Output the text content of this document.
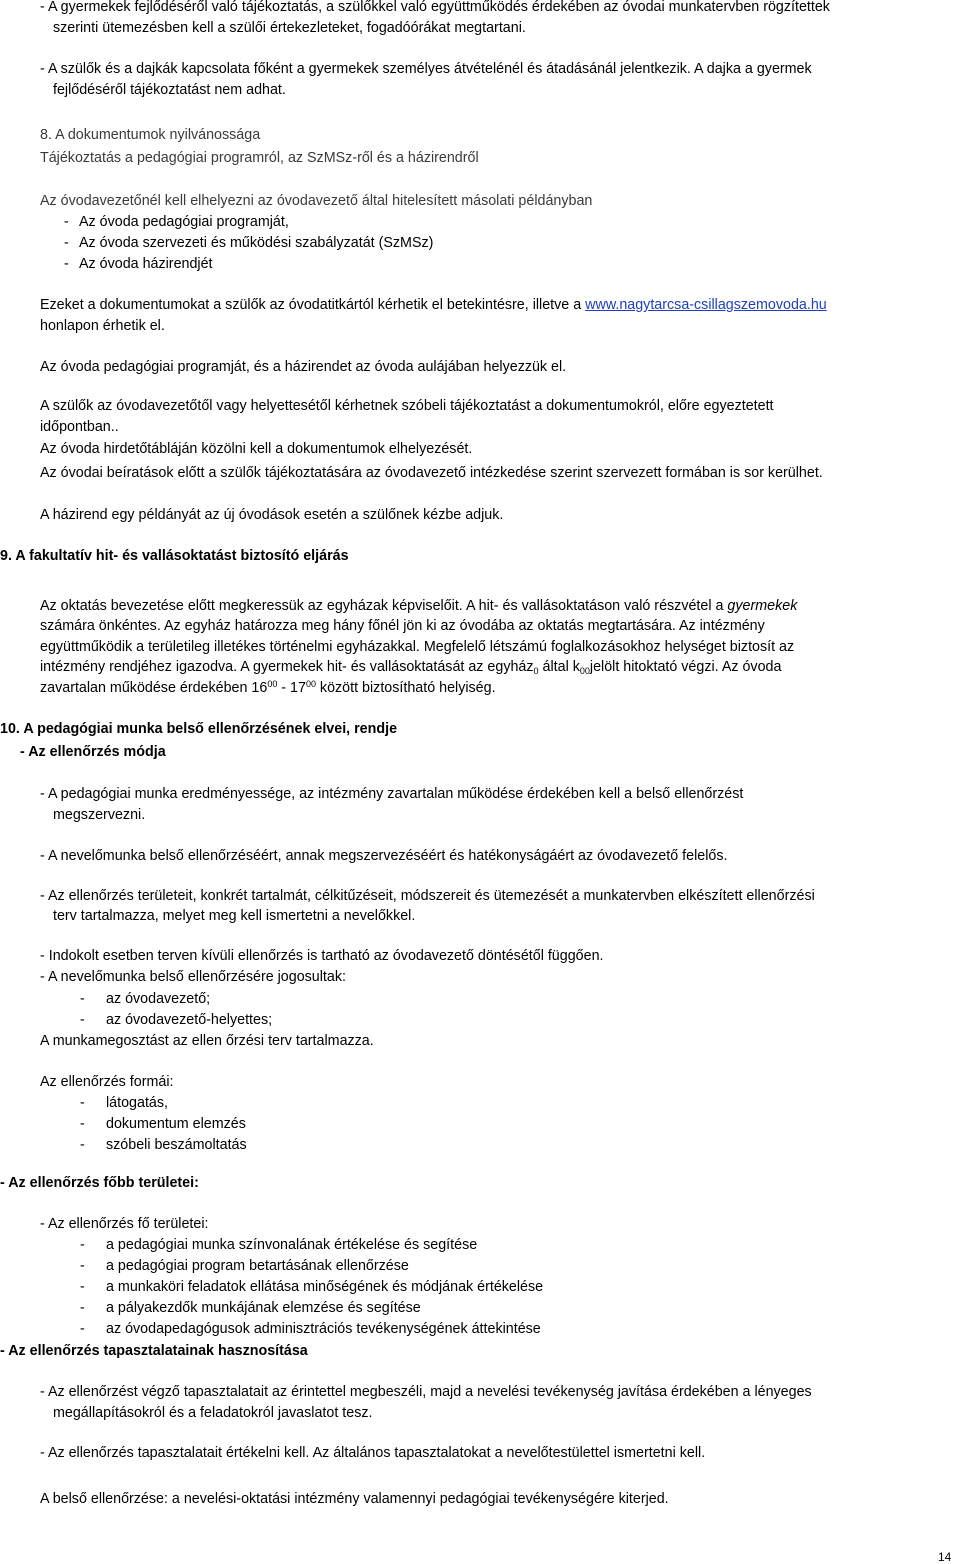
- A gyermekek fejlődéséről való tájékoztatás, a szülőkkel való együttműködés érdekében az óvodai munkatervben rögzítettek
szerinti ütemezésben kell a szülői értekezleteket, fogadóórákat megtartani.
- A szülők és a dajkák kapcsolata főként a gyermekek személyes átvételénél és átadásánál jelentkezik. A dajka a gyermek
fejlődéséről tájékoztatást nem adhat.
8. A dokumentumok nyilvánossága
Tájékoztatás a pedagógiai programról, az SzMSz-ről és a házirendről
Az óvodavezetőnél kell elhelyezni az óvodavezető által hitelesített másolati példányban
- Az óvoda pedagógiai programját,
- Az óvoda szervezeti és működési szabályzatát (SzMSz)
- Az óvoda házirendjét
Ezeket a dokumentumokat a szülők az óvodatitkártól kérhetik el betekintésre, illetve a www.nagytarcsa-csillagszemovoda.hu
honlapon érhetik el.
Az óvoda pedagógiai programját, és a házirendet az óvoda aulájában helyezzük el.
A szülők az óvodavezetőtől vagy helyettesétől kérhetnek szóbeli tájékoztatást a dokumentumokról, előre egyeztetett
időpontban..
Az óvoda hirdetőtábláján közölni kell a dokumentumok elhelyezését.
Az óvodai beíratások előtt a szülők tájékoztatására az óvodavezető intézkedése szerint szervezett formában is sor kerülhet.
A házirend egy példányát az új óvodások esetén a szülőnek kézbe adjuk.
9. A fakultatív hit- és vallásoktatást biztosító eljárás
Az oktatás bevezetése előtt megkeressük az egyházak képviselőit. A hit- és vallásoktatáson való részvétel a gyermekek
számára önkéntes. Az egyház határozza meg hány főnél jön ki az óvodába az oktatás megtartására. Az intézmény
együttműködik a területileg illetékes történelmi egyházakkal. Megfelelő létszámú foglalkozásokhoz helységet biztosít az
intézmény rendjéhez igazodva. A gyermekek hit- és vallásoktatását az egyház$_0$ által $k_{00}jelölt$ hitoktató végzi. Az óvoda
zavartalan működése érdekében $16^{00} - 17^{00}$ között biztosítható helyiség.
10. A pedagógiai munka belső ellenőrzésének elvei, rendje
- Az ellenőrzés módja
- A pedagógiai munka eredményessége, az intézmény zavartalan működése érdekében kell a belső ellenőrzést
megszervezni.
- A nevelőmunka belső ellenőrzéséért, annak megszervezéséért és hatékonyságáért az óvodavezető felelős.
- Az ellenőrzés területeit, konkrét tartalmát, célkitűzéseit, módszereit és ütemezését a munkatervben elkészített ellenőrzési
terv tartalmazza, melyet meg kell ismertetni a nevelőkkel.
- Indokolt esetben terven kívüli ellenőrzés is tartható az óvodavezető döntésétől függően.
- A nevelőmunka belső ellenőrzésére jogosultak:
- az óvodavezető;
- az óvodavezető-helyettes;
A munkamegosztást az ellen őrzési terv tartalmazza.
Az ellenőrzés formái:
- látogatás,
- dokumentum elemzés
- szóbeli beszámoltatás
- Az ellenőrzés főbb területei:
- Az ellenőrzés fő területei:
- a pedagógiai munka színvonalának értékelése és segítése
- a pedagógiai program betartásának ellenőrzése
- a munkaköri feladatok ellátása minőségének és módjának értékelése
- a pályakezdők munkáján​ak elemzése és segítése
- az óvodapedagógusok adminisztrációs tevékenységének áttekintése
- Az ellenőrzés tapasztalatainak hasznosítása
- Az ellenőrzést végző tapasztalatait az érintettel megbeszéli, majd a nevelési tevékenység javítása érdekében a lényeges
megállapításokról és a feladatokról javaslatot tesz.
- Az ellenőrzés tapasztalatait értékelni kell. Az általános tapasztalatokat a nevelőtestülettel ismertetni kell.
A belső ellenőrzése: a nevelési-oktatási intézmény valamennyi pedagógiai tevékenységére kiterjed.
14
